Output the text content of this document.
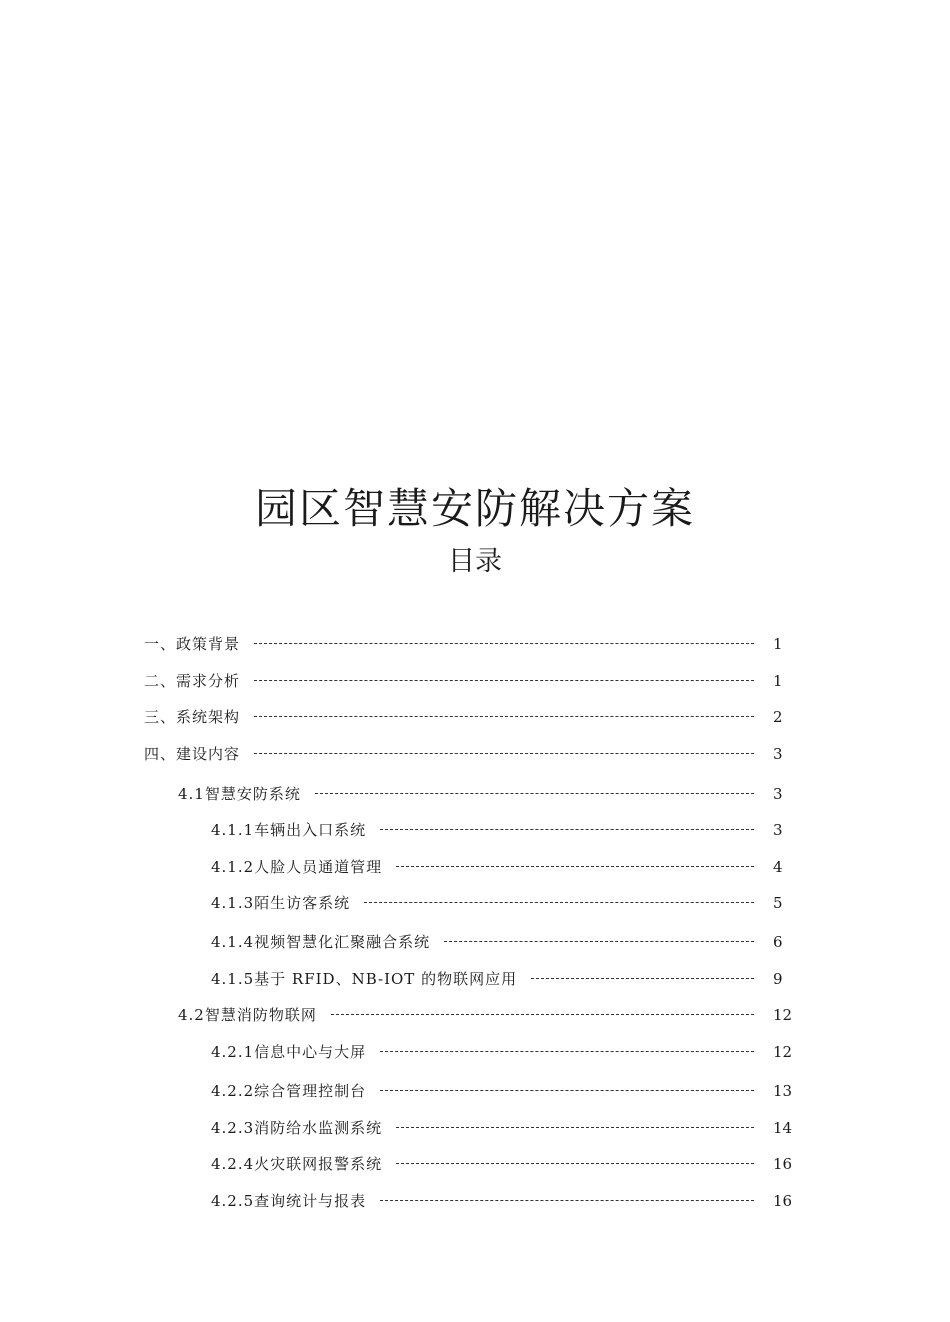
园区智慧安防解决方案
目录
一、政策背景	1
二、需求分析	1
三、系统架构	2
四、建设内容	3
4.1智慧安防系统	3
4.1.1车辆出入口系统	3
4.1.2人脸人员通道管理	4
4.1.3陌生访客系统	5
4.1.4视频智慧化汇聚融合系统	6
4.1.5基于 RFID、NB-IOT 的物联网应用	9
4.2智慧消防物联网	12
4.2.1信息中心与大屏	12
4.2.2综合管理控制台	13
4.2.3消防给水监测系统	14
4.2.4火灾联网报警系统	16
4.2.5查询统计与报表	16
